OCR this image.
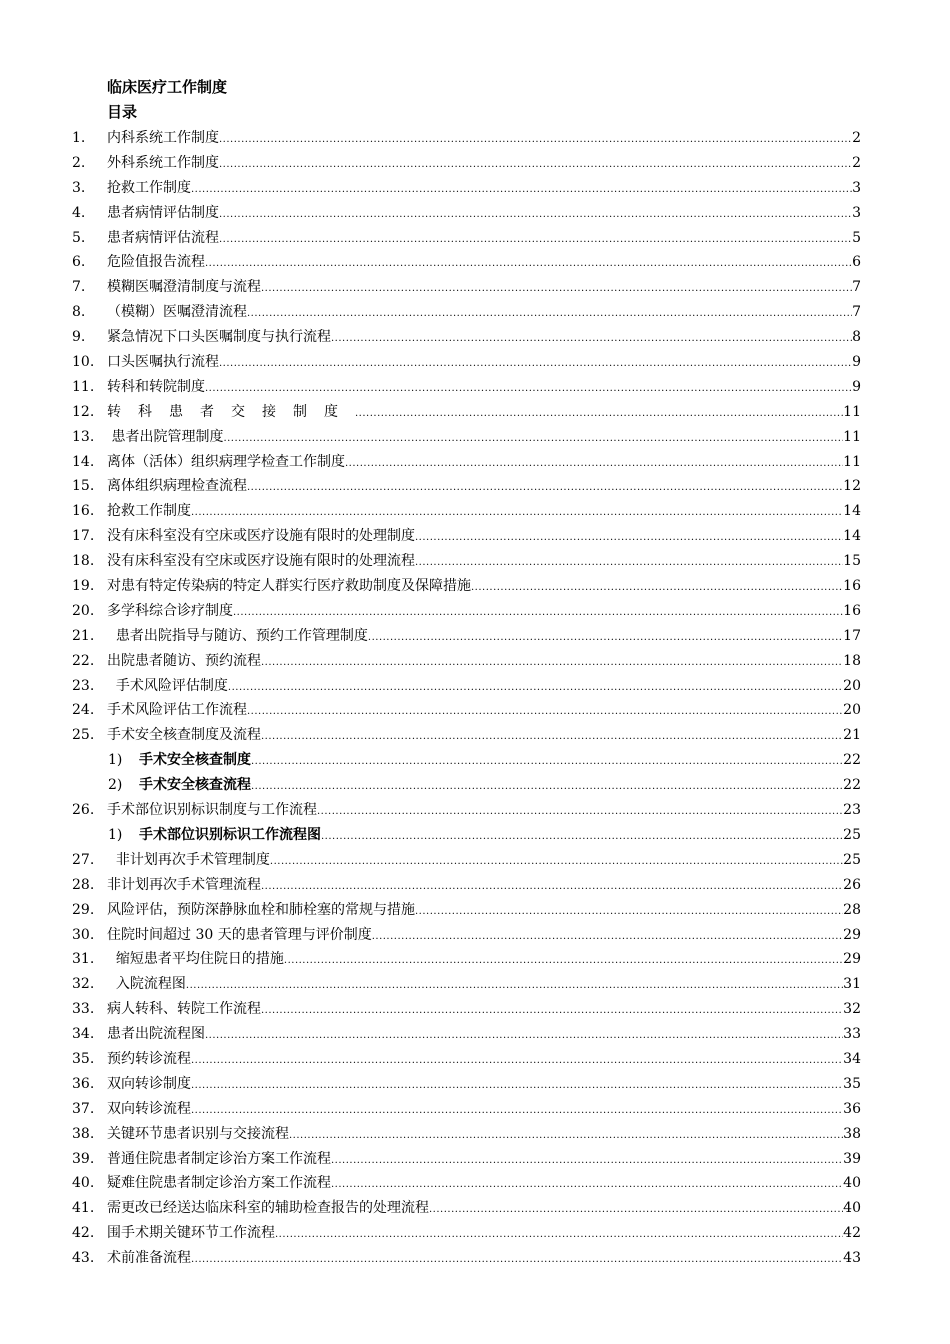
临床医疗工作制度
目录
1.	内科系统工作制度 .....	2
2.	外科系统工作制度 .....	2
3.	抢救工作制度 .....	3
4.	患者病情评估制度 .....	3
5.	患者病情评估流程 .....	5
6.	危险值报告流程 .....	6
7.	模糊医嘱澄清制度与流程 .....	7
8.	（模糊）医嘱澄清流程 .....	7
9.	紧急情况下口头医嘱制度与执行流程 .....	8
10. 口头医嘱执行流程 .....	9
11. 转科和转院制度 .....	9
12. 转科患者交接制度 .....	11
13. 患者出院管理制度 .....	11
14. 离体（活体）组织病理学检查工作制度 .....	11
15. 离体组织病理检查流程 .....	12
16. 抢救工作制度 .....	14
17. 没有床科室没有空床或医疗设施有限时的处理制度 .....	14
18. 没有床科室没有空床或医疗设施有限时的处理流程 .....	15
19. 对患有特定传染病的特定人群实行医疗救助制度及保障措施 .....	16
20. 多学科综合诊疗制度 .....	16
21. 患者出院指导与随访、预约工作管理制度 .....	17
22. 出院患者随访、预约流程 .....	18
23. 手术风险评估制度 .....	20
24. 手术风险评估工作流程 .....	20
25. 手术安全核查制度及流程 .....	21
1)	手术安全核查制度 .....	22
2)	手术安全核查流程 .....	22
26. 手术部位识别标识制度与工作流程 .....	23
1)	手术部位识别标识工作流程图 .....	25
27. 非计划再次手术管理制度 .....	25
28. 非计划再次手术管理流程 .....	26
29. 风险评估，预防深静脉血栓和肺栓塞的常规与措施 .....	28
30. 住院时间超过 30 天的患者管理与评价制度 .....	29
31. 缩短患者平均住院日的措施 .....	29
32. 入院流程图 .....	31
33. 病人转科、转院工作流程 .....	32
34. 患者出院流程图 .....	33
35. 预约转诊流程 .....	34
36. 双向转诊制度 .....	35
37. 双向转诊流程 .....	36
38. 关键环节患者识别与交接流程 .....	38
39. 普通住院患者制定诊治方案工作流程 .....	39
40. 疑难住院患者制定诊治方案工作流程 .....	40
41. 需更改已经送达临床科室的辅助检查报告的处理流程 .....	40
42. 围手术期关键环节工作流程 .....	42
43. 术前准备流程 .....	43
